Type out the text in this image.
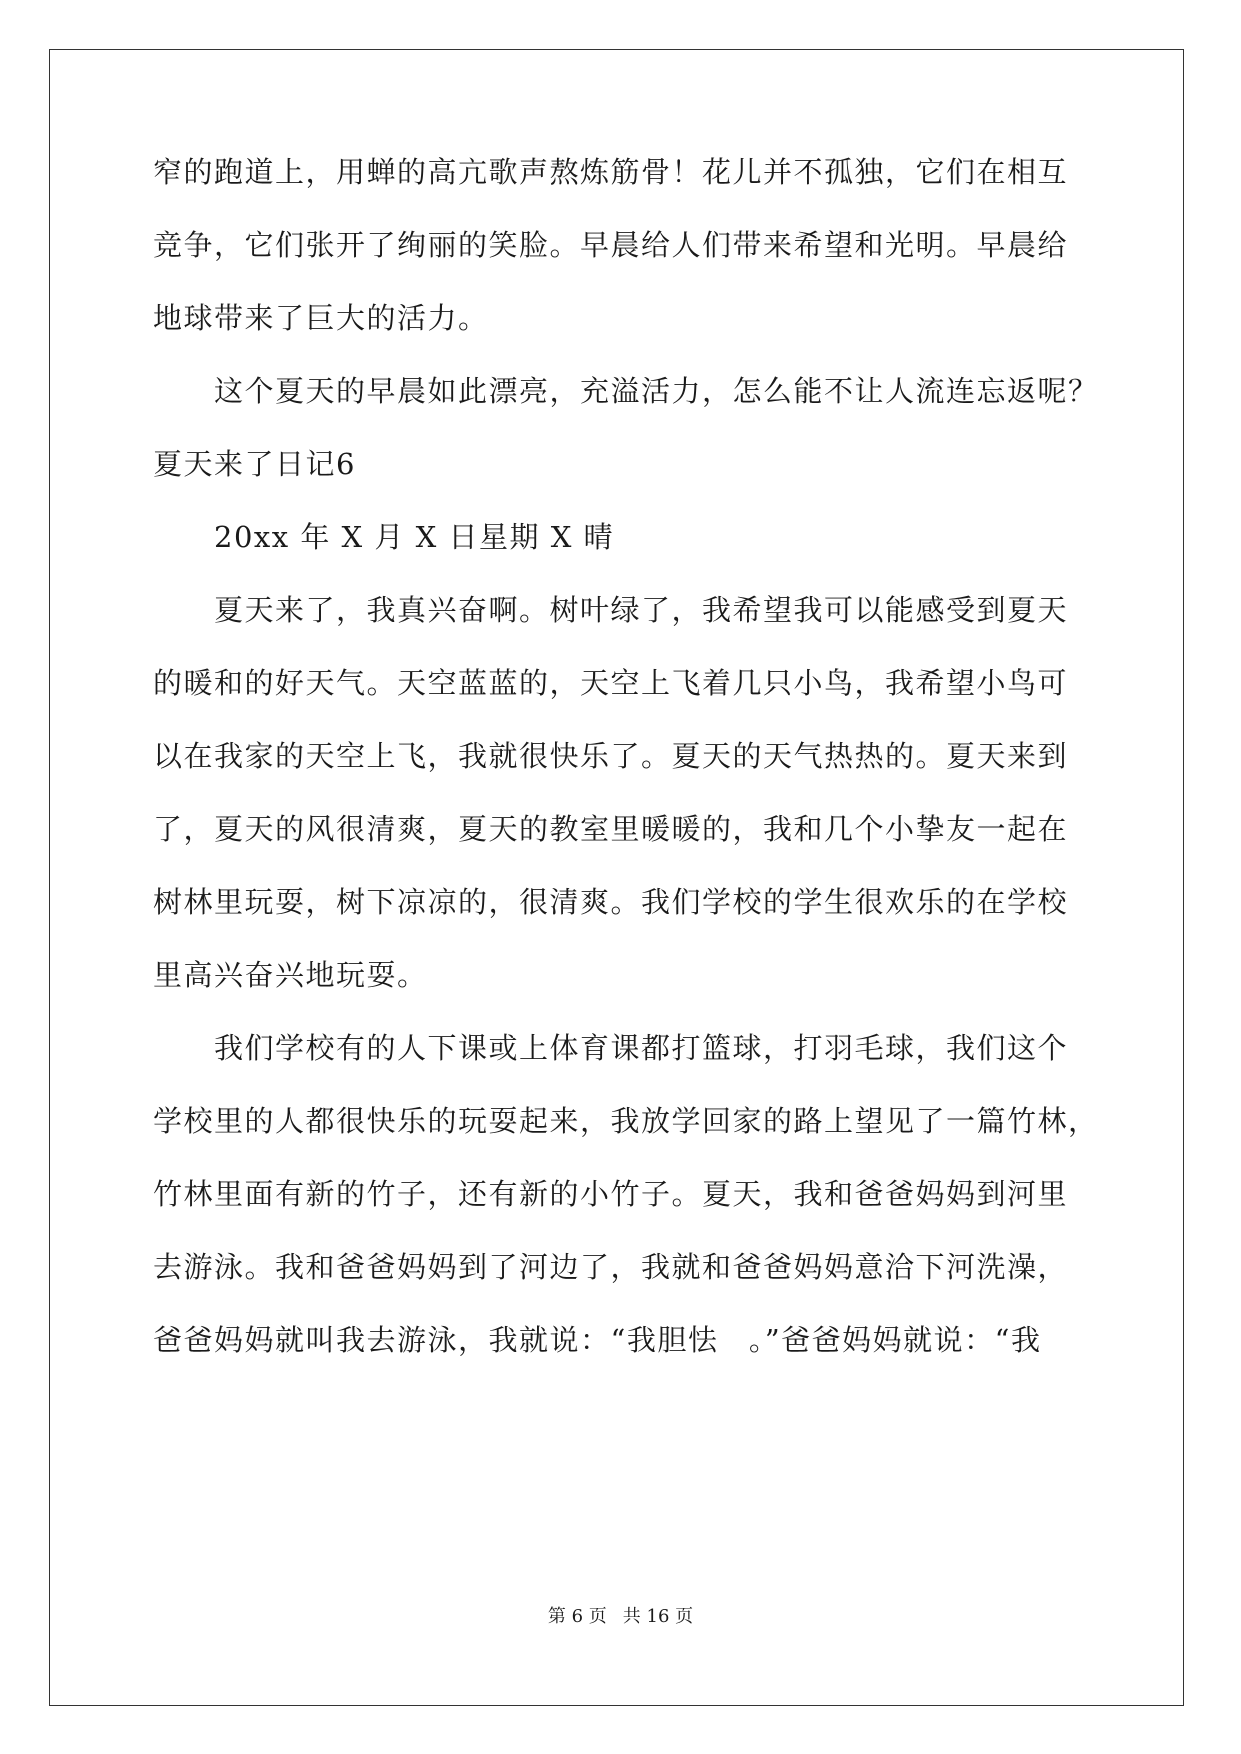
窄的跑道上，用蝉的高亢歌声熬炼筋骨！花儿并不孤独，它们在相互
竞争，它们张开了绚丽的笑脸。早晨给人们带来希望和光明。早晨给
地球带来了巨大的活力。
　　这个夏天的早晨如此漂亮，充溢活力，怎么能不让人流连忘返呢？
夏天来了日记6
　　20xx 年 X 月 X 日星期 X 晴
　　夏天来了，我真兴奋啊。树叶绿了，我希望我可以能感受到夏天
的暖和的好天气。天空蓝蓝的，天空上飞着几只小鸟，我希望小鸟可
以在我家的天空上飞，我就很快乐了。夏天的天气热热的。夏天来到
了，夏天的风很清爽，夏天的教室里暖暖的，我和几个小挚友一起在
树林里玩耍，树下凉凉的，很清爽。我们学校的学生很欢乐的在学校
里高兴奋兴地玩耍。
　　我们学校有的人下课或上体育课都打篮球，打羽毛球，我们这个
学校里的人都很快乐的玩耍起来，我放学回家的路上望见了一篇竹林，
竹林里面有新的竹子，还有新的小竹子。夏天，我和爸爸妈妈到河里
去游泳。我和爸爸妈妈到了河边了，我就和爸爸妈妈意洽下河洗澡，
爸爸妈妈就叫我去游泳，我就说：“我胆怯　。”爸爸妈妈就说：“我
第 6 页 共 16 页
